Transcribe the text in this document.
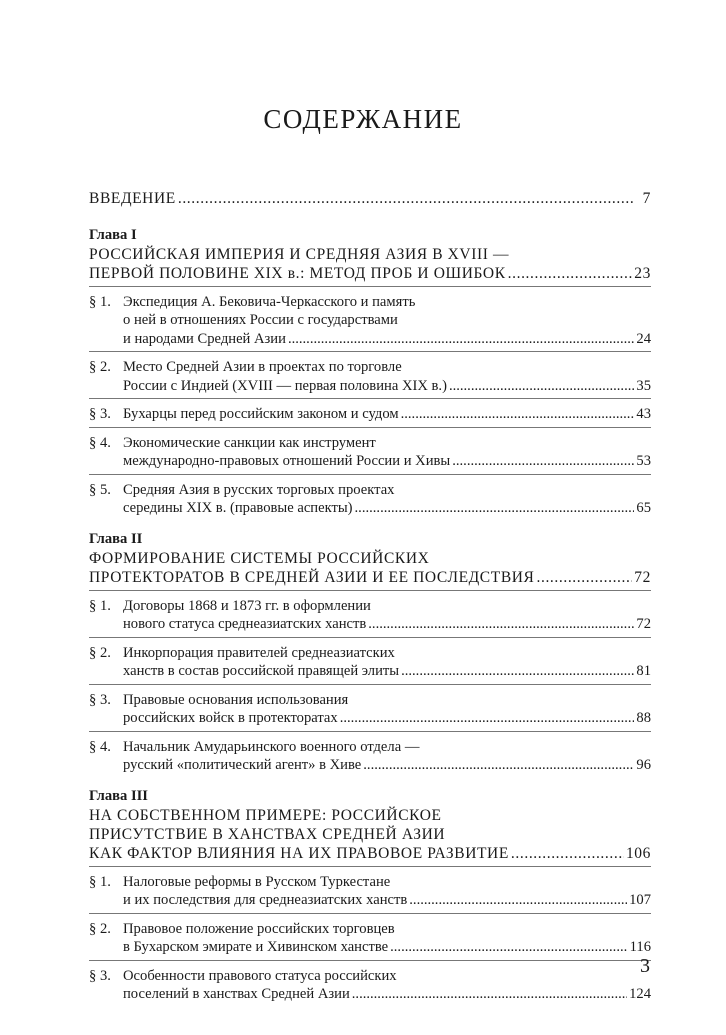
СОДЕРЖАНИЕ
ВВЕДЕНИЕ .....	7
Глава I
РОССИЙСКАЯ ИМПЕРИЯ И СРЕДНЯЯ АЗИЯ В XVIII —
ПЕРВОЙ ПОЛОВИНЕ XIX в.: МЕТОД ПРОБ И ОШИБОК .....	23
§ 1. Экспедиция А. Бековича-Черкасского и память
о ней в отношениях России с государствами
и народами Средней Азии .....	24
§ 2. Место Средней Азии в проектах по торговле
России с Индией (XVIII — первая половина XIX в.) .....	35
§ 3. Бухарцы перед российским законом и судом .....	43
§ 4. Экономические санкции как инструмент
международно-правовых отношений России и Хивы .....	53
§ 5. Средняя Азия в русских торговых проектах
середины XIX в. (правовые аспекты) .....	65
Глава II
ФОРМИРОВАНИЕ СИСТЕМЫ РОССИЙСКИХ
ПРОТЕКТОРАТОВ В СРЕДНЕЙ АЗИИ И ЕЕ ПОСЛЕДСТВИЯ .....	72
§ 1. Договоры 1868 и 1873 гг. в оформлении
нового статуса среднеазиатских ханств .....	72
§ 2. Инкорпорация правителей среднеазиатских
ханств в состав российской правящей элиты .....	81
§ 3. Правовые основания использования
российских войск в протекторатах .....	88
§ 4. Начальник Амударьинского военного отдела —
русский «политический агент» в Хиве .....	96
Глава III
НА СОБСТВЕННОМ ПРИМЕРЕ: РОССИЙСКОЕ
ПРИСУТСТВИЕ В ХАНСТВАХ СРЕДНЕЙ АЗИИ
КАК ФАКТОР ВЛИЯНИЯ НА ИХ ПРАВОВОЕ РАЗВИТИЕ .....	106
§ 1. Налоговые реформы в Русском Туркестане
и их последствия для среднеазиатских ханств .....	107
§ 2. Правовое положение российских торговцев
в Бухарском эмирате и Хивинском ханстве .....	116
§ 3. Особенности правового статуса российских
поселений в ханствах Средней Азии .....	124
3
